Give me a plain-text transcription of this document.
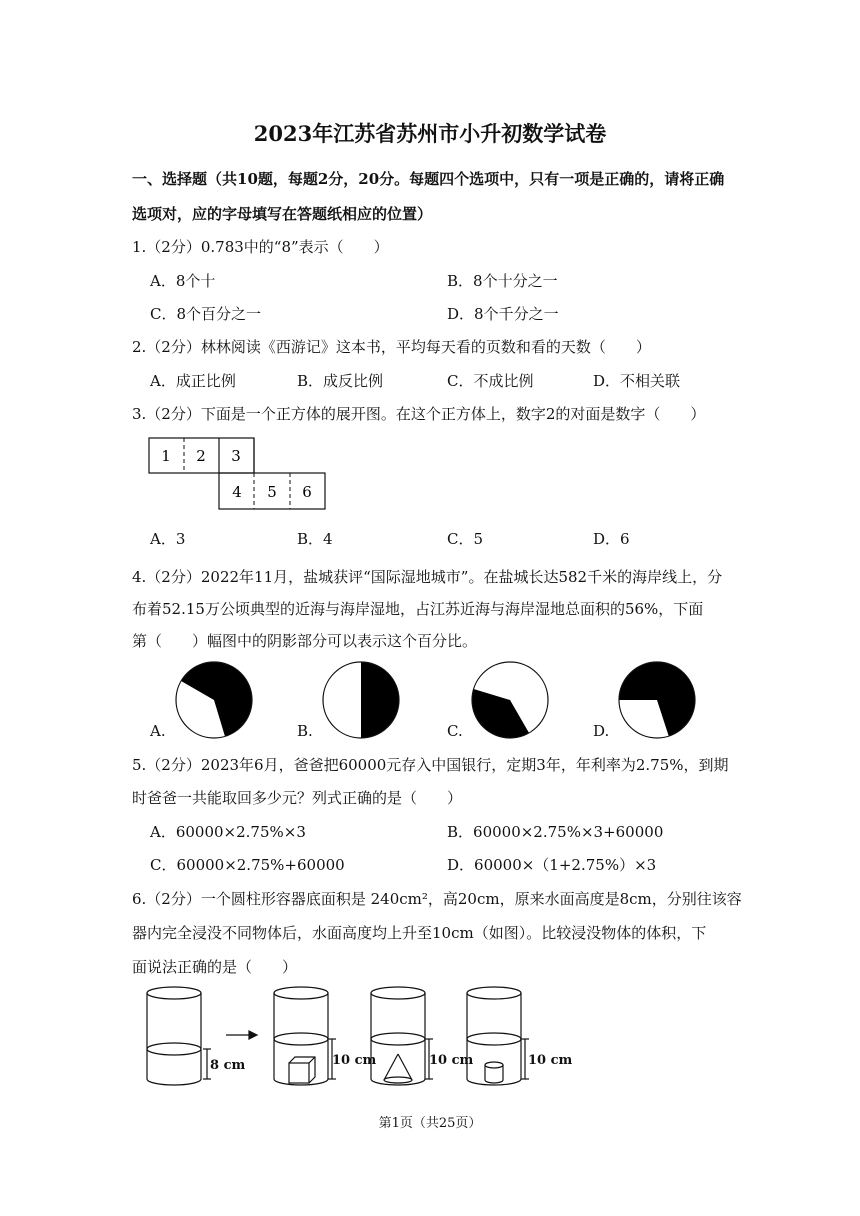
2023年江苏省苏州市小升初数学试卷
一、选择题（共10题，每题2分，20分。每题四个选项中，只有一项是正确的，请将正确
选项对，应的字母填写在答题纸相应的位置）
1.（2分）0.783中的“8”表示（　　）
A．8个十	B．8个十分之一
C．8个百分之一	D．8个千分之一
2.（2分）林林阅读《西游记》这本书，平均每天看的页数和看的天数（　　）
A．成正比例	B．成反比例	C．不成比例	D．不相关联
3.（2分）下面是一个正方体的展开图。在这个正方体上，数字2的对面是数字（　　）
1 2 3
4 5 6
A．3	B．4	C．5	D．6
4.（2分）2022年11月，盐城获评“国际湿地城市”。在盐城长达582千米的海岸线上，分
布着52.15万公顷典型的近海与海岸湿地，占江苏近海与海岸湿地总面积的56%，下面
第（　　）幅图中的阴影部分可以表示这个百分比。
A.	B.	C.	D.
5.（2分）2023年6月，爸爸把60000元存入中国银行，定期3年，年利率为2.75%，到期
时爸爸一共能取回多少元？列式正确的是（　　）
A．60000×2.75%×3	B．60000×2.75%×3+60000
C．60000×2.75%+60000	D．60000×（1+2.75%）×3
6.（2分）一个圆柱形容器底面积是 240cm²，高20cm，原来水面高度是8cm，分别往该容
器内完全浸没不同物体后，水面高度均上升至10cm（如图）。比较浸没物体的体积，下
面说法正确的是（　　）
8 cm	10 cm	10 cm	10 cm
第1页（共25页）
